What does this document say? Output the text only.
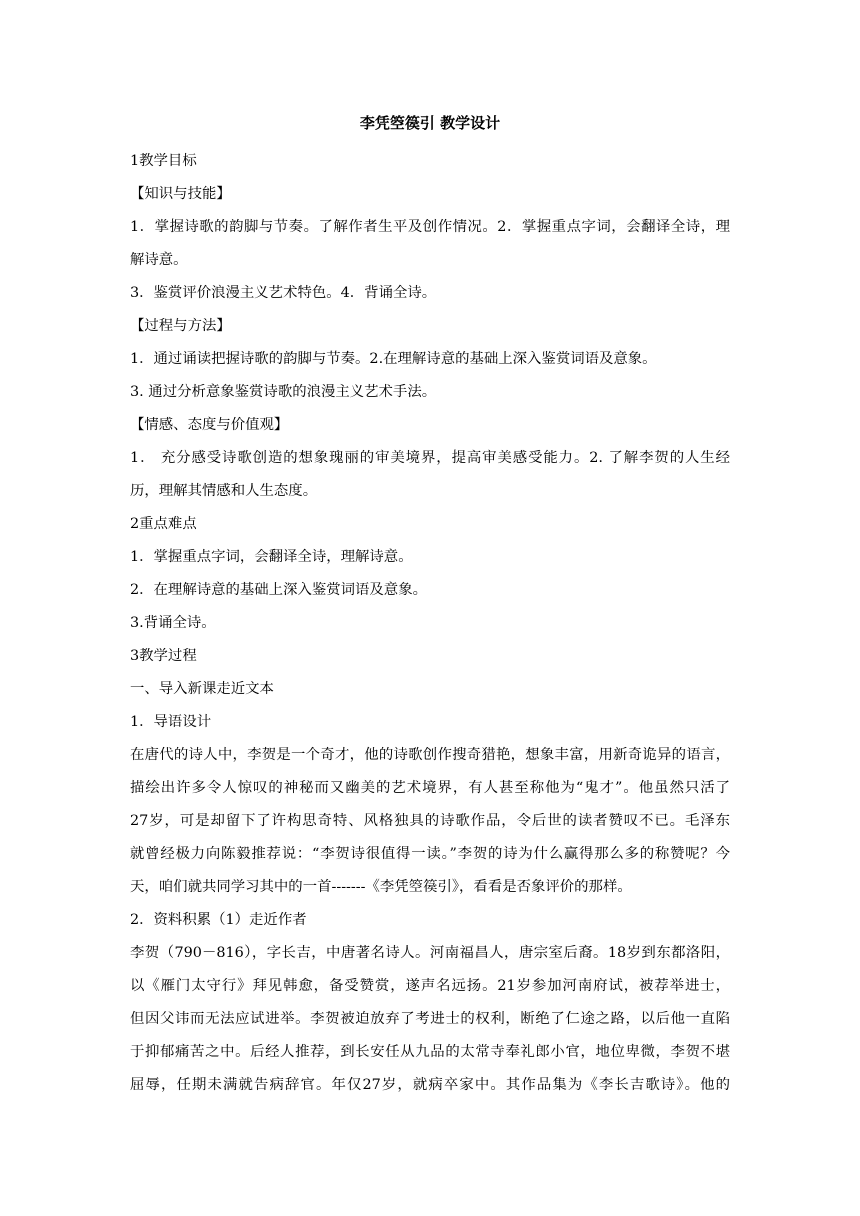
李凭箜篌引 教学设计
1教学目标
【知识与技能】
1．掌握诗歌的韵脚与节奏。了解作者生平及创作情况。2．掌握重点字词，会翻译全诗，理
解诗意。
3．鉴赏评价浪漫主义艺术特色。4．背诵全诗。
【过程与方法】
1．通过诵读把握诗歌的韵脚与节奏。2.在理解诗意的基础上深入鉴赏词语及意象。
3. 通过分析意象鉴赏诗歌的浪漫主义艺术手法。
【情感、态度与价值观】
1． 充分感受诗歌创造的想象瑰丽的审美境界，提高审美感受能力。2. 了解李贺的人生经
历，理解其情感和人生态度。
2重点难点
1．掌握重点字词，会翻译全诗，理解诗意。
2．在理解诗意的基础上深入鉴赏词语及意象。
3.背诵全诗。
3教学过程
一、导入新课走近文本
1．导语设计
在唐代的诗人中，李贺是一个奇才，他的诗歌创作搜奇猎艳，想象丰富，用新奇诡异的语言，
描绘出许多令人惊叹的神秘而又幽美的艺术境界，有人甚至称他为“鬼才”。他虽然只活了
27岁，可是却留下了许构思奇特、风格独具的诗歌作品，令后世的读者赞叹不已。毛泽东
就曾经极力向陈毅推荐说：“李贺诗很值得一读。”李贺的诗为什么赢得那么多的称赞呢？今
天，咱们就共同学习其中的一首-------《李凭箜篌引》，看看是否象评价的那样。
2．资料积累（1）走近作者
李贺（790－816），字长吉，中唐著名诗人。河南福昌人，唐宗室后裔。18岁到东都洛阳，
以《雁门太守行》拜见韩愈，备受赞赏，遂声名远扬。21岁参加河南府试，被荐举进士，
但因父讳而无法应试进举。李贺被迫放弃了考进士的权利，断绝了仁途之路，以后他一直陷
于抑郁痛苦之中。后经人推荐，到长安任从九品的太常寺奉礼郎小官，地位卑微，李贺不堪
屈辱，任期未满就告病辞官。年仅27岁，就病卒家中。其作品集为《李长吉歌诗》。他的
